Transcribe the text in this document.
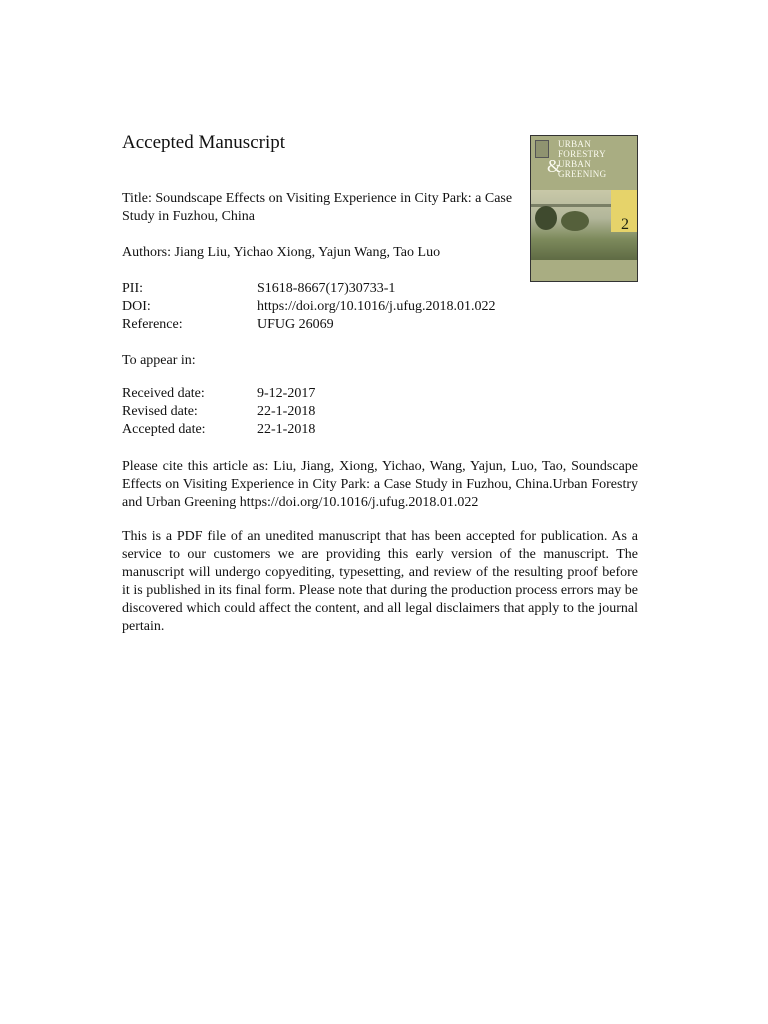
Accepted Manuscript
Title: Soundscape Effects on Visiting Experience in City Park: a Case Study in Fuzhou, China
Authors: Jiang Liu, Yichao Xiong, Yajun Wang, Tao Luo
PII:	S1618-8667(17)30733-1
DOI:	https://doi.org/10.1016/j.ufug.2018.01.022
Reference:	UFUG 26069
To appear in:
Received date:	9-12-2017
Revised date:	22-1-2018
Accepted date:	22-1-2018
Please cite this article as: Liu, Jiang, Xiong, Yichao, Wang, Yajun, Luo, Tao, Soundscape Effects on Visiting Experience in City Park: a Case Study in Fuzhou, China.Urban Forestry and Urban Greening https://doi.org/10.1016/j.ufug.2018.01.022
This is a PDF file of an unedited manuscript that has been accepted for publication. As a service to our customers we are providing this early version of the manuscript. The manuscript will undergo copyediting, typesetting, and review of the resulting proof before it is published in its final form. Please note that during the production process errors may be discovered which could affect the content, and all legal disclaimers that apply to the journal pertain.
URBAN
FORESTRY
URBAN
GREENING
&
2
